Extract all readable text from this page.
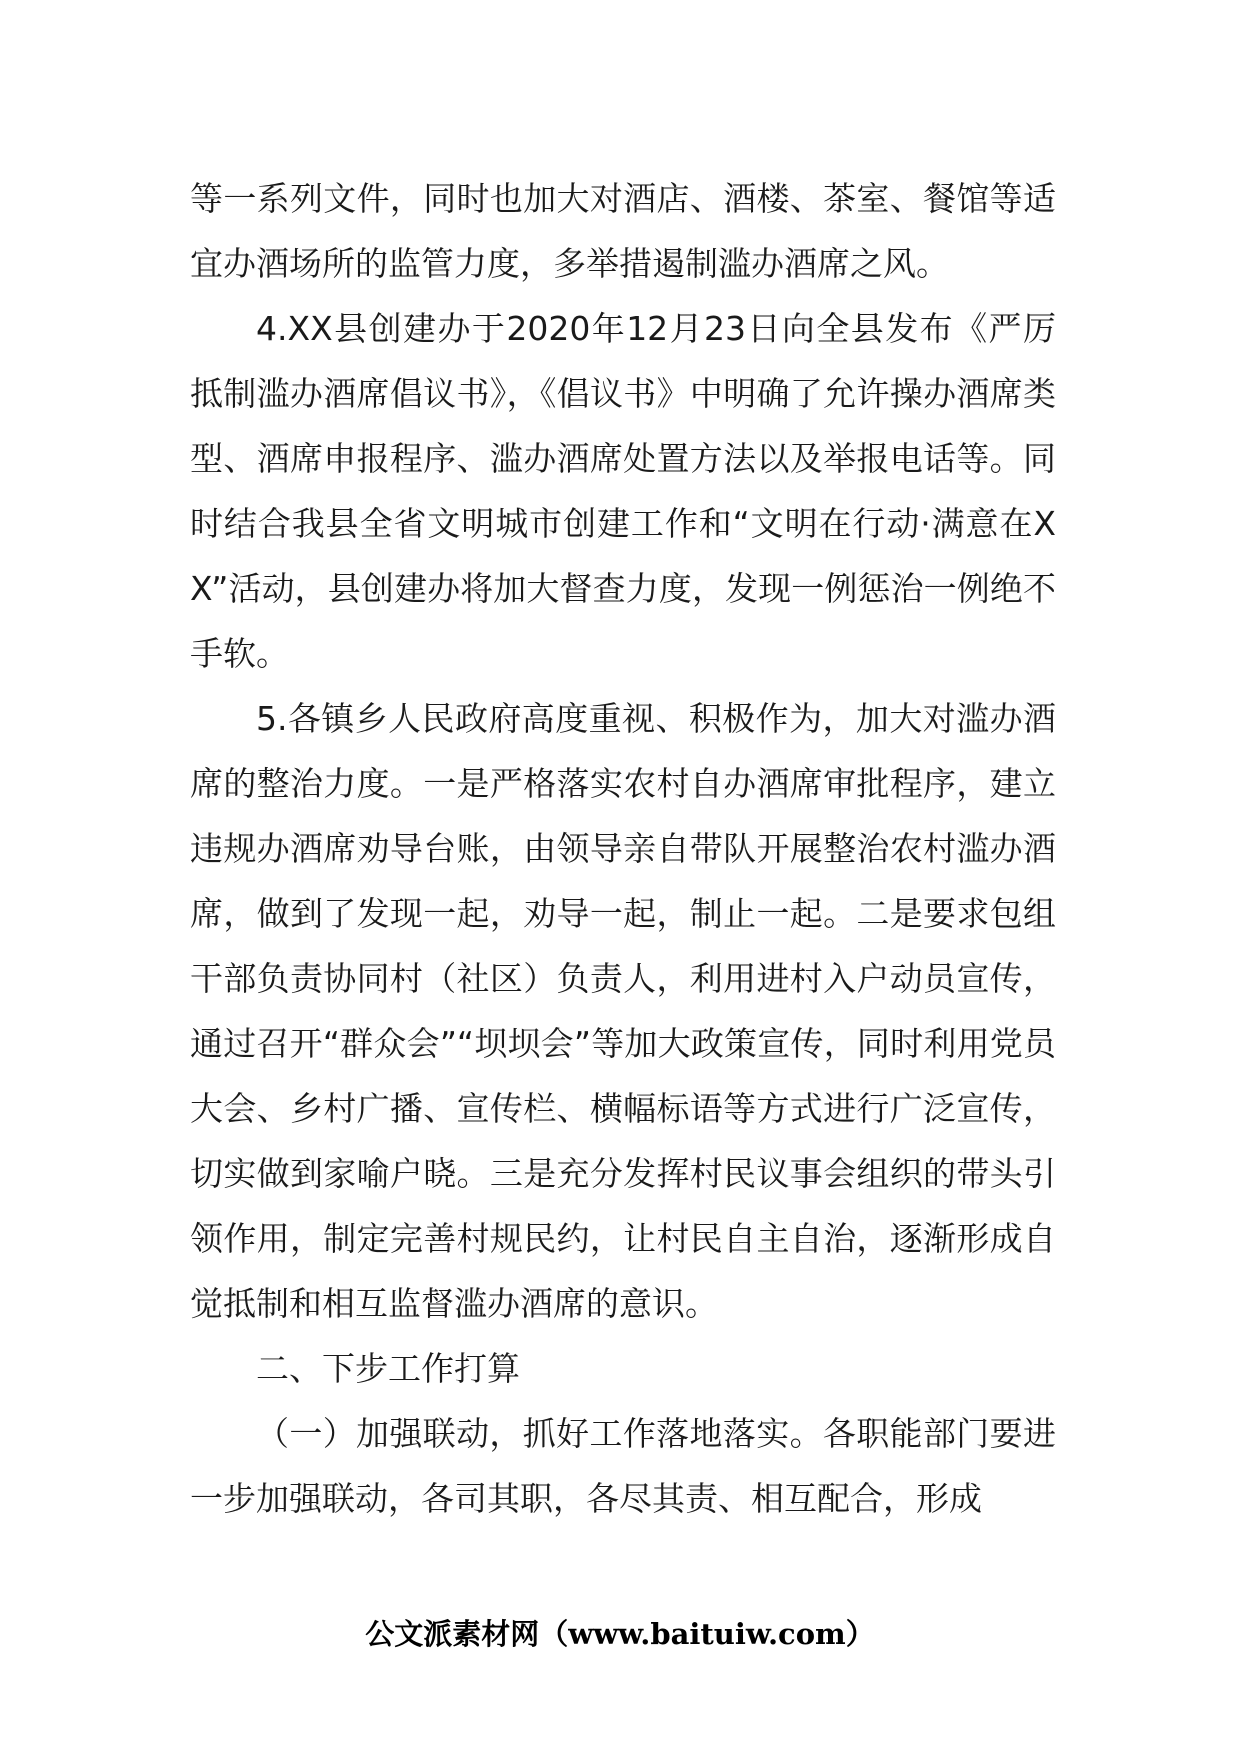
等一系列文件，同时也加大对酒店、酒楼、茶室、餐馆等适宜办酒场所的监管力度，多举措遏制滥办酒席之风。

4.XX县创建办于2020年12月23日向全县发布《严厉抵制滥办酒席倡议书》，《倡议书》中明确了允许操办酒席类型、酒席申报程序、滥办酒席处置方法以及举报电话等。同时结合我县全省文明城市创建工作和“文明在行动·满意在XX”活动，县创建办将加大督查力度，发现一例惩治一例绝不手软。

5.各镇乡人民政府高度重视、积极作为，加大对滥办酒席的整治力度。一是严格落实农村自办酒席审批程序，建立违规办酒席劝导台账，由领导亲自带队开展整治农村滥办酒席，做到了发现一起，劝导一起，制止一起。二是要求包组干部负责协同村（社区）负责人，利用进村入户动员宣传，通过召开“群众会”“坝坝会”等加大政策宣传，同时利用党员大会、乡村广播、宣传栏、横幅标语等方式进行广泛宣传，切实做到家喻户晓。三是充分发挥村民议事会组织的带头引领作用，制定完善村规民约，让村民自主自治，逐渐形成自觉抵制和相互监督滥办酒席的意识。

二、下步工作打算

（一）加强联动，抓好工作落地落实。各职能部门要进一步加强联动，各司其职，各尽其责、相互配合，形成

公文派素材网（www.baituiw.com）
